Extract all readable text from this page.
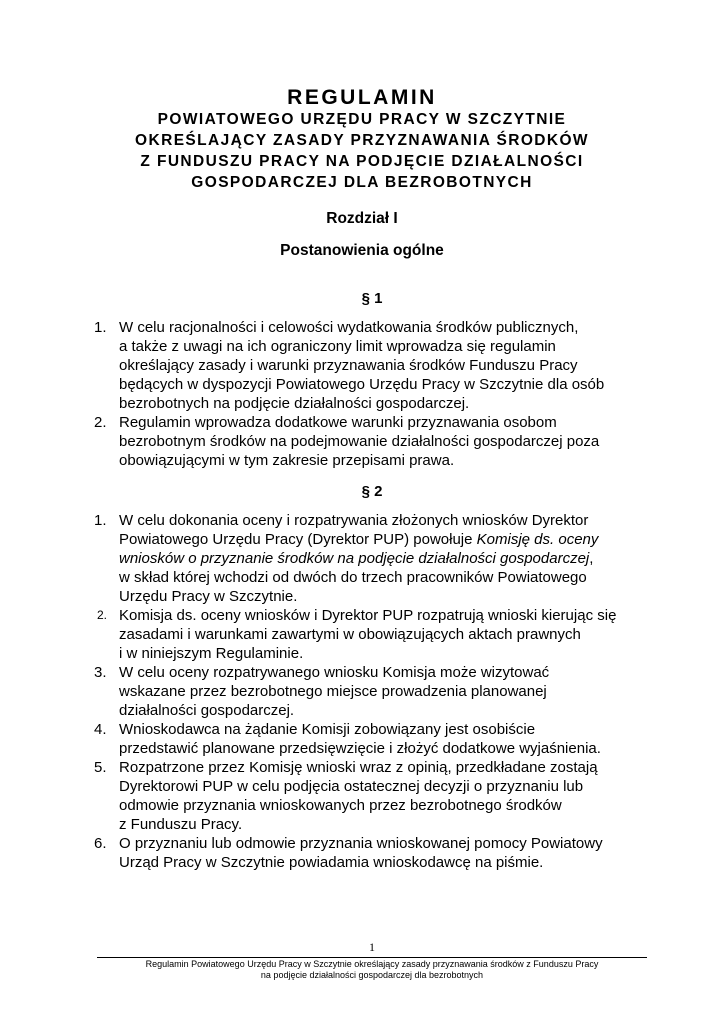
REGULAMIN
POWIATOWEGO URZĘDU PRACY W SZCZYTNIE
OKREŚLAJĄCY ZASADY PRZYZNAWANIA ŚRODKÓW
Z FUNDUSZU PRACY NA PODJĘCIE DZIAŁALNOŚCI
GOSPODARCZEJ DLA BEZROBOTNYCH
Rozdział I
Postanowienia ogólne
§ 1
1. W celu racjonalności i celowości wydatkowania środków publicznych,
a także z uwagi na ich ograniczony limit wprowadza się regulamin
określający zasady i warunki przyznawania środków Funduszu Pracy
będących w dyspozycji Powiatowego Urzędu Pracy w Szczytnie dla osób
bezrobotnych na podjęcie działalności gospodarczej.
2. Regulamin wprowadza dodatkowe warunki przyznawania osobom
bezrobotnym środków na podejmowanie działalności gospodarczej poza
obowiązującymi w tym zakresie przepisami prawa.
§ 2
1. W celu dokonania oceny i rozpatrywania złożonych wniosków Dyrektor
Powiatowego Urzędu Pracy (Dyrektor PUP) powołuje Komisję ds. oceny
wniosków o przyznanie środków na podjęcie działalności gospodarczej,
w skład której wchodzi od dwóch do trzech pracowników Powiatowego
Urzędu Pracy w Szczytnie.
2. Komisja ds. oceny wniosków i Dyrektor PUP rozpatrują wnioski kierując się
zasadami i warunkami zawartymi w obowiązujących aktach prawnych
i w niniejszym Regulaminie.
3. W celu oceny rozpatrywanego wniosku Komisja może wizytować
wskazane przez bezrobotnego miejsce prowadzenia planowanej
działalności gospodarczej.
4. Wnioskodawca na żądanie Komisji zobowiązany jest osobiście
przedstawić planowane przedsięwzięcie i złożyć dodatkowe wyjaśnienia.
5. Rozpatrzone przez Komisję wnioski wraz z opinią, przedkładane zostają
Dyrektorowi PUP w celu podjęcia ostatecznej decyzji o przyznaniu lub
odmowie przyznania wnioskowanych przez bezrobotnego środków
z Funduszu Pracy.
6. O przyznaniu lub odmowie przyznania wnioskowanej pomocy Powiatowy
Urząd Pracy w Szczytnie powiadamia wnioskodawcę na piśmie.
1
Regulamin Powiatowego Urzędu Pracy w Szczytnie określający zasady przyznawania środków z Funduszu Pracy
na podjęcie działalności gospodarczej dla bezrobotnych
